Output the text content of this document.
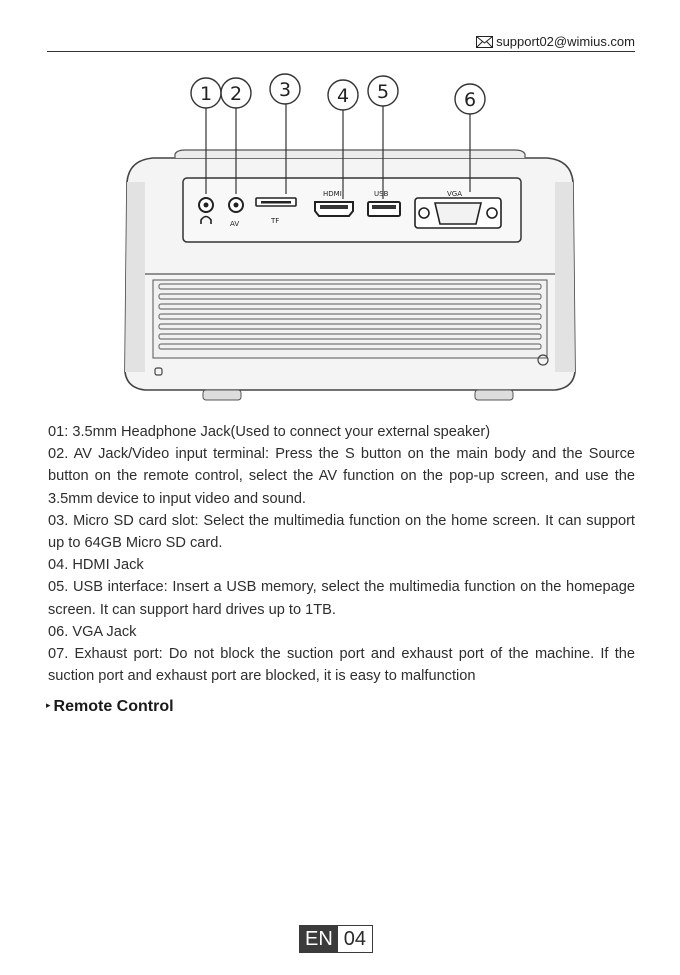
support02@wimius.com
AV	TF
HDMI	USB	VGA
1 2 3 4 5	6

01: 3.5mm Headphone Jack(Used to connect your external speaker)

02. AV Jack/Video input terminal: Press the S button on the main body and the Source button on the remote control, select the AV function on the pop-up screen, and use the 3.5mm device to input video and sound.

03. Micro SD card slot: Select the multimedia function on the home screen. It can support up to 64GB Micro SD card.

04. HDMI Jack

05. USB interface: Insert a USB memory, select the multimedia function on the homepage screen. It can support hard drives up to 1TB.

06. VGA Jack

07. Exhaust port: Do not block the suction port and exhaust port of the machine. If the suction port and exhaust port are blocked, it is easy to malfunction

▸ Remote Control
EN 04
